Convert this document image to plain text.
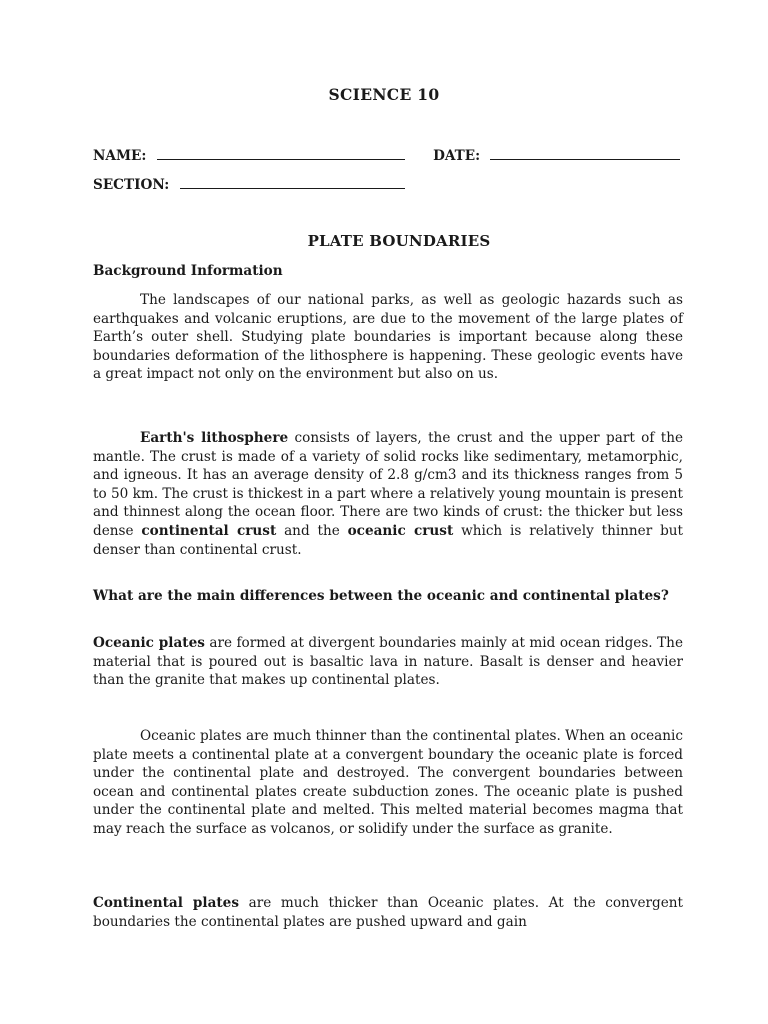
SCIENCE 10
NAME:	DATE:
SECTION:
PLATE BOUNDARIES
Background Information

The landscapes of our national parks, as well as geologic hazards such as earthquakes and volcanic eruptions, are due to the movement of the large plates of Earth’s outer shell. Studying plate boundaries is important because along these boundaries deformation of the lithosphere is happening. These geologic events have a great impact not only on the environment but also on us.

Earth's lithosphere consists of layers, the crust and the upper part of the mantle. The crust is made of a variety of solid rocks like sedimentary, metamorphic, and igneous. It has an average density of 2.8 g/cm3 and its thickness ranges from 5 to 50 km. The crust is thickest in a part where a relatively young mountain is present and thinnest along the ocean floor. There are two kinds of crust: the thicker but less dense continental crust and the oceanic crust which is relatively thinner but denser than continental crust.

What are the main differences between the oceanic and continental plates?

Oceanic plates are formed at divergent boundaries mainly at mid ocean ridges. The material that is poured out is basaltic lava in nature. Basalt is denser and heavier than the granite that makes up continental plates.

Oceanic plates are much thinner than the continental plates. When an oceanic plate meets a continental plate at a convergent boundary the oceanic plate is forced under the continental plate and destroyed. The convergent boundaries between ocean and continental plates create subduction zones. The oceanic plate is pushed under the continental plate and melted. This melted material becomes magma that may reach the surface as volcanos, or solidify under the surface as granite.

Continental plates are much thicker than Oceanic plates. At the convergent boundaries the continental plates are pushed upward and gain
